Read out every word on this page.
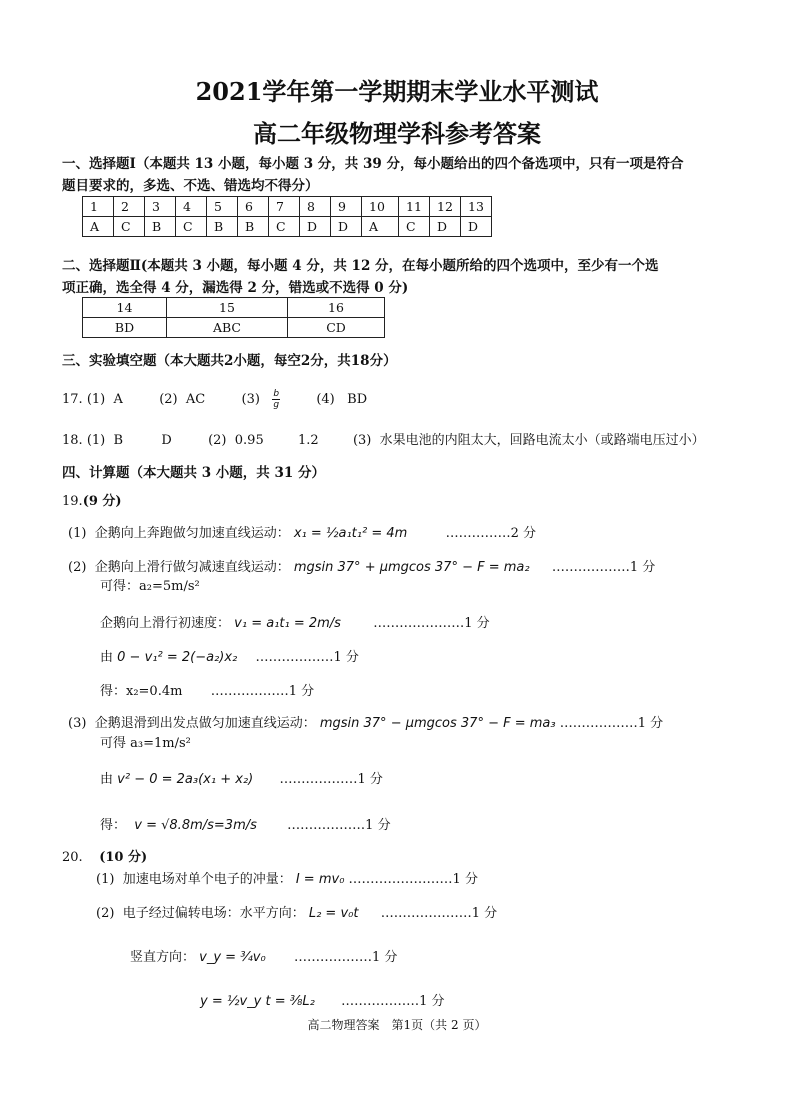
2021学年第一学期期末学业水平测试
高二年级物理学科参考答案
一、选择题Ⅰ（本题共 13 小题，每小题 3 分，共 39 分，每小题给出的四个备选项中，只有一项是符合
题目要求的，多选、不选、错选均不得分）
1	2	3	4	5	6	7	8	9	10	11	12	13
A	C	B	C	B	B	C	D	D	A	C	D	D
二、选择题Ⅱ(本题共 3 小题，每小题 4 分，共 12 分，在每小题所给的四个选项中，至少有一个选
项正确，选全得 4 分，漏选得 2 分，错选或不选得 0 分)
14	15	16
BD	ABC	CD
三、实验填空题（本大题共2小题，每空2分，共18分）
17. (1) A	(2) AC	$(3) \frac{b}{g}$	(4) BD
18. (1) B	D	(2) 0.95	1.2	(3) 水果电池的内阻太大，回路电流太小（或路端电压过小）
四、计算题（本大题共 3 小题，共 31 分）
19.(9 分)
(1) 企鹅向上奔跑做匀加速直线运动： x₁ = ½a₁t₁² = 4m	……………2 分
(2) 企鹅向上滑行做匀减速直线运动： mgsin 37° + μmgcos 37° − F = ma₂ ………………1 分
可得：a₂=5m/s²
企鹅向上滑行初速度： v₁ = a₁t₁ = 2m/s …………………1 分
由 0 − v₁² = 2(−a₂)x₂ ………………1 分
得：x₂=0.4m ………………1 分
(3) 企鹅退滑到出发点做匀加速直线运动： mgsin 37° − μmgcos 37° − F = ma₃ ………………1 分
可得 a₃=1m/s²
由 v² − 0 = 2a₃(x₁ + x₂) ………………1 分
得： v = √8.8m/s=3m/s ………………1 分
20. (10 分)
(1) 加速电场对单个电子的冲量： I = mv₀ ……………………1 分
(2) 电子经过偏转电场：水平方向： L₂ = v₀t …………………1 分
竖直方向： v_y = ¾v₀ ………………1 分
y = ½v_y t = ⅜L₂ ………………1 分
高二物理答案　第1页（共 2 页）
